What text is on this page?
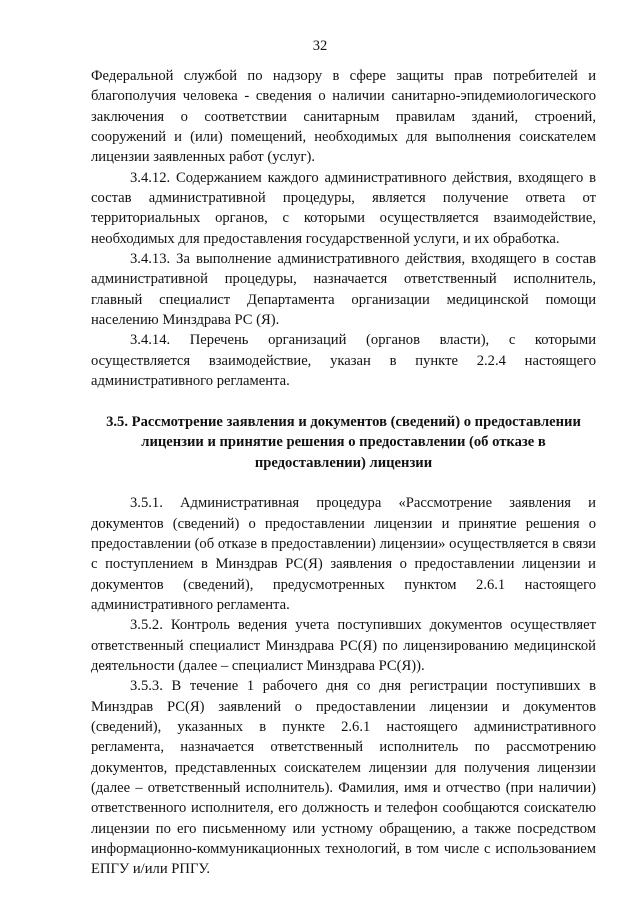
32

Федеральной службой по надзору в сфере защиты прав потребителей и благополучия человека - сведения о наличии санитарно-эпидемиологического заключения о соответствии санитарным правилам зданий, строений, сооружений и (или) помещений, необходимых для выполнения соискателем лицензии заявленных работ (услуг).

3.4.12. Содержанием каждого административного действия, входящего в состав административной процедуры, является получение ответа от территориальных органов, с которыми осуществляется взаимодействие, необходимых для предоставления государственной услуги, и их обработка.

3.4.13. За выполнение административного действия, входящего в состав административной процедуры, назначается ответственный исполнитель, главный специалист Департамента организации медицинской помощи населению Минздрава РС (Я).

3.4.14. Перечень организаций (органов власти), с которыми осуществляется взаимодействие, указан в пункте 2.2.4 настоящего административного регламента.

3.5. Рассмотрение заявления и документов (сведений) о предоставлении лицензии и принятие решения о предоставлении (об отказе в предоставлении) лицензии

3.5.1. Административная процедура «Рассмотрение заявления и документов (сведений) о предоставлении лицензии и принятие решения о предоставлении (об отказе в предоставлении) лицензии» осуществляется в связи с поступлением в Минздрав РС(Я) заявления о предоставлении лицензии и документов (сведений), предусмотренных пунктом 2.6.1 настоящего административного регламента.

3.5.2. Контроль ведения учета поступивших документов осуществляет ответственный специалист Минздрава РС(Я) по лицензированию медицинской деятельности (далее – специалист Минздрава РС(Я)).

3.5.3. В течение 1 рабочего дня со дня регистрации поступивших в Минздрав РС(Я) заявлений о предоставлении лицензии и документов (сведений), указанных в пункте 2.6.1 настоящего административного регламента, назначается ответственный исполнитель по рассмотрению документов, представленных соискателем лицензии для получения лицензии (далее – ответственный исполнитель). Фамилия, имя и отчество (при наличии) ответственного исполнителя, его должность и телефон сообщаются соискателю лицензии по его письменному или устному обращению, а также посредством информационно-коммуникационных технологий, в том числе с использованием ЕПГУ и/или РПГУ.
